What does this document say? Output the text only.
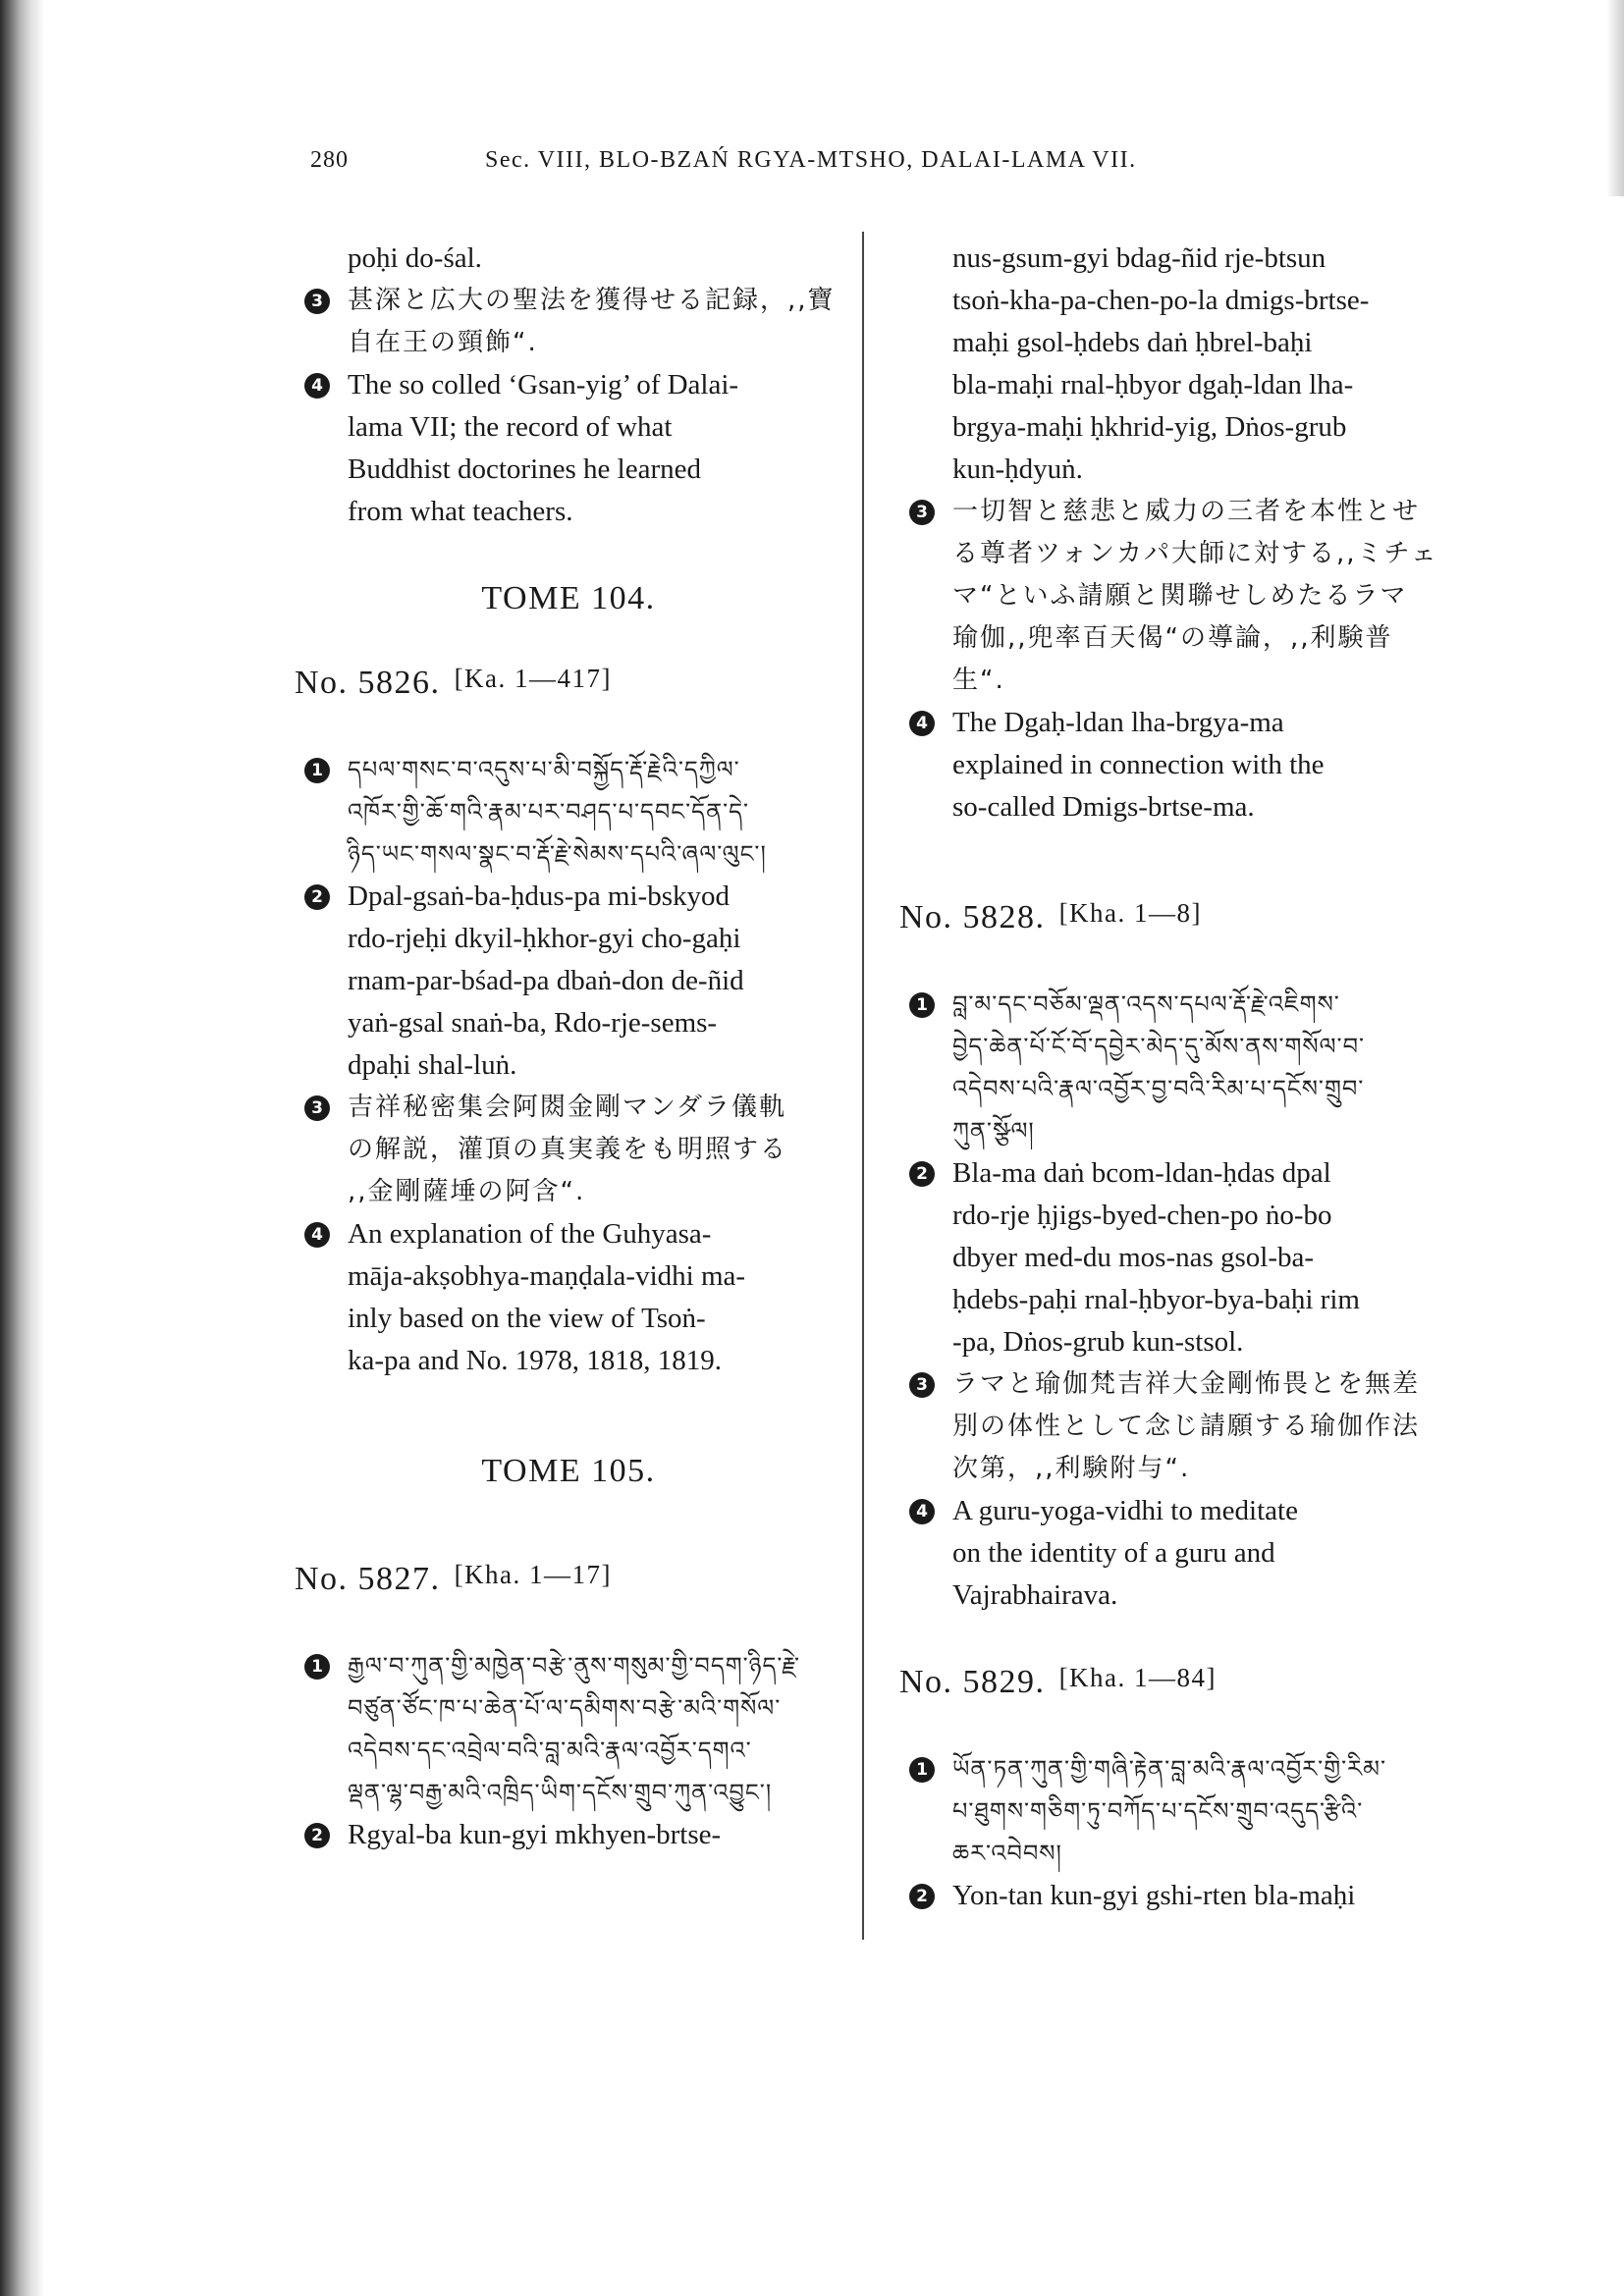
280	Sec. VIII, BLO-BZAŃ RGYA-MTSHO, DALAI-LAMA VII.
poḥi do-śal.
3 甚深と広大の聖法を獲得せる記録，,,寶
自在王の頸飾“.
4 The so colled ‘Gsan-yig’ of Dalai-
lama VII; the record of what
Buddhist doctorines he learned
from what teachers.
TOME 104.
No. 5826. [Ka. 1—417]
1 དཔལ་གསང་བ་འདུས་པ་མི་བསྐྱོད་རྡོ་རྗེའི་དཀྱིལ་
འཁོར་གྱི་ཆོ་གའི་རྣམ་པར་བཤད་པ་དབང་དོན་དེ་
ཉིད་ཡང་གསལ་སྣང་བ་རྡོ་རྗེ་སེམས་དཔའི་ཞལ་ལུང་།
2 Dpal-gsaṅ-ba-ḥdus-pa mi-bskyod
rdo-rjeḥi dkyil-ḥkhor-gyi cho-gaḥi
rnam-par-bśad-pa dbaṅ-don de-ñid
yaṅ-gsal snaṅ-ba, Rdo-rje-sems-
dpaḥi shal-luṅ.
3 吉祥秘密集会阿閦金剛マンダラ儀軌
の解説，灌頂の真実義をも明照する
,,金剛薩埵の阿含“.
4 An explanation of the Guhyasa-
māja-akṣobhya-maṇḍala-vidhi ma-
inly based on the view of Tsoṅ-
ka-pa and No. 1978, 1818, 1819.
TOME 105.
No. 5827. [Kha. 1—17]
1 རྒྱལ་བ་ཀུན་གྱི་མཁྱེན་བརྩེ་ནུས་གསུམ་གྱི་བདག་ཉིད་རྗེ་
བཙུན་ཙོང་ཁ་པ་ཆེན་པོ་ལ་དམིགས་བརྩེ་མའི་གསོལ་
འདེབས་དང་འབྲེལ་བའི་བླ་མའི་རྣལ་འབྱོར་དགའ་
ལྡན་ལྷ་བརྒྱ་མའི་འཁྲིད་ཡིག་དངོས་གྲུབ་ཀུན་འབྱུང་།
2 Rgyal-ba kun-gyi mkhyen-brtse-
nus-gsum-gyi bdag-ñid rje-btsun
tsoṅ-kha-pa-chen-po-la dmigs-brtse-
maḥi gsol-ḥdebs daṅ ḥbrel-baḥi
bla-maḥi rnal-ḥbyor dgaḥ-ldan lha-
brgya-maḥi ḥkhrid-yig, Dṅos-grub
kun-ḥdyuṅ.
3 一切智と慈悲と威力の三者を本性とせ
る尊者ツォンカパ大師に対する,,ミチェ
マ“といふ請願と関聯せしめたるラマ
瑜伽,,兜率百天偈“の導論，,,利験普
生“.
4 The Dgaḥ-ldan lha-brgya-ma
explained in connection with the
so-called Dmigs-brtse-ma.
No. 5828. [Kha. 1—8]
1 བླ་མ་དང་བཅོམ་ལྡན་འདས་དཔལ་རྡོ་རྗེ་འཇིགས་
བྱེད་ཆེན་པོ་ངོ་བོ་དབྱེར་མེད་དུ་མོས་ནས་གསོལ་བ་
འདེབས་པའི་རྣལ་འབྱོར་བྱ་བའི་རིམ་པ་དངོས་གྲུབ་
ཀུན་སྩོལ།
2 Bla-ma daṅ bcom-ldan-ḥdas dpal
rdo-rje ḥjigs-byed-chen-po ṅo-bo
dbyer med-du mos-nas gsol-ba-
ḥdebs-paḥi rnal-ḥbyor-bya-baḥi rim
-pa, Dṅos-grub kun-stsol.
3 ラマと瑜伽梵吉祥大金剛怖畏とを無差
別の体性として念じ請願する瑜伽作法
次第，,,利験附与“.
4 A guru-yoga-vidhi to meditate
on the identity of a guru and
Vajrabhairava.
No. 5829. [Kha. 1—84]
1 ཡོན་ཏན་ཀུན་གྱི་གཞི་རྟེན་བླ་མའི་རྣལ་འབྱོར་གྱི་རིམ་
པ་ཐུགས་གཅིག་ཏུ་བཀོད་པ་དངོས་གྲུབ་འདུད་རྩིའི་
ཆར་འབེབས།
2 Yon-tan kun-gyi gshi-rten bla-maḥi
